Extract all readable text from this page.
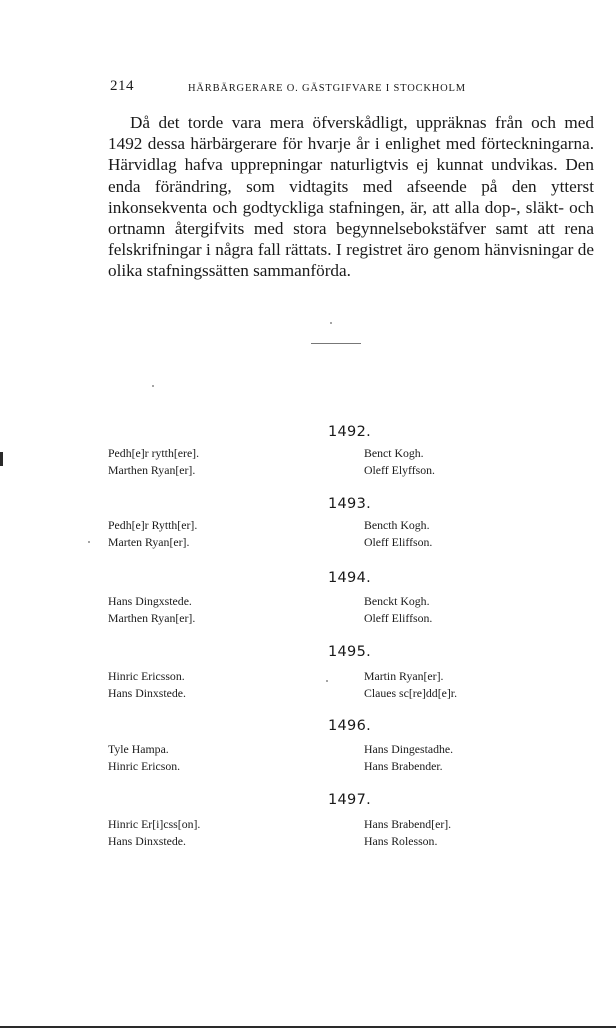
214	HÄRBÄRGERARE O. GÄSTGIFVARE I STOCKHOLM

Då det torde vara mera öfverskådligt, uppräknas från och med 1492 dessa härbärgerare för hvarje år i enlighet med förteckningarna. Härvidlag hafva upprepningar naturligtvis ej kunnat undvikas. Den enda förändring, som vidtagits med afseende på den ytterst inkonsekventa och godtyckliga stafningen, är, att alla dop-, släkt- och ortnamn återgifvits med stora begynnelsebokstäfver samt att rena felskrifningar i några fall rättats. I registret äro genom hänvisningar de olika stafningssätten sammanförda.

1492.
Pedh[e]r rytth[ere].
Marthen Ryan[er].
Benct Kogh.
Oleff Elyffson.
1493.
Pedh[e]r Rytth[er].
Marten Ryan[er].
Bencth Kogh.
Oleff Eliffson.
1494.
Hans Dingxstede.
Marthen Ryan[er].
Benckt Kogh.
Oleff Eliffson.
1495.
Hinric Ericsson.
Hans Dinxstede.
Martin Ryan[er].
Claues sc[re]dd[e]r.
1496.
Tyle Hampa.
Hinric Ericson.
Hans Dingestadhe.
Hans Brabender.
1497.
Hinric Er[i]css[on].
Hans Dinxstede.
Hans Brabend[er].
Hans Rolesson.
